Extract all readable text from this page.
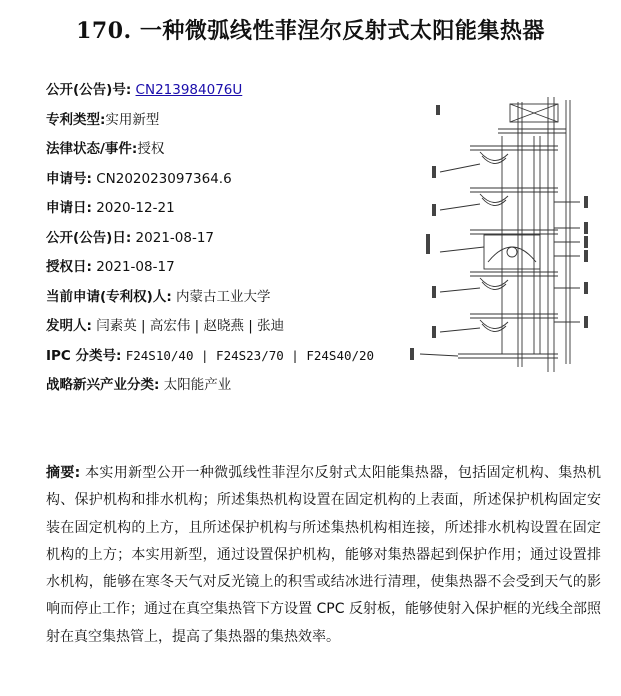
170. 一种微弧线性菲涅尔反射式太阳能集热器
公开(公告)号: CN213984076U
专利类型:实用新型
法律状态/事件:授权
申请号: CN202023097364.6
申请日: 2020-12-21
公开(公告)日: 2021-08-17
授权日: 2021-08-17
当前申请(专利权)人: 内蒙古工业大学
发明人: 闫素英 | 高宏伟 | 赵晓燕 | 张迪
IPC 分类号: F24S10/40 | F24S23/70 | F24S40/20
战略新兴产业分类: 太阳能产业
摘要: 本实用新型公开一种微弧线性菲涅尔反射式太阳能集热器，包括固定机构、集热机构、保护机构和排水机构；所述集热机构设置在固定机构的上表面，所述保护机构固定安装在固定机构的上方，且所述保护机构与所述集热机构相连接，所述排水机构设置在固定机构的上方；本实用新型，通过设置保护机构，能够对集热器起到保护作用；通过设置排水机构，能够在寒冬天气对反光镜上的积雪或结冰进行清理，使集热器不会受到天气的影响而停止工作；通过在真空集热管下方设置 CPC 反射板，能够使射入保护框的光线全部照射在真空集热管上，提高了集热器的集热效率。
